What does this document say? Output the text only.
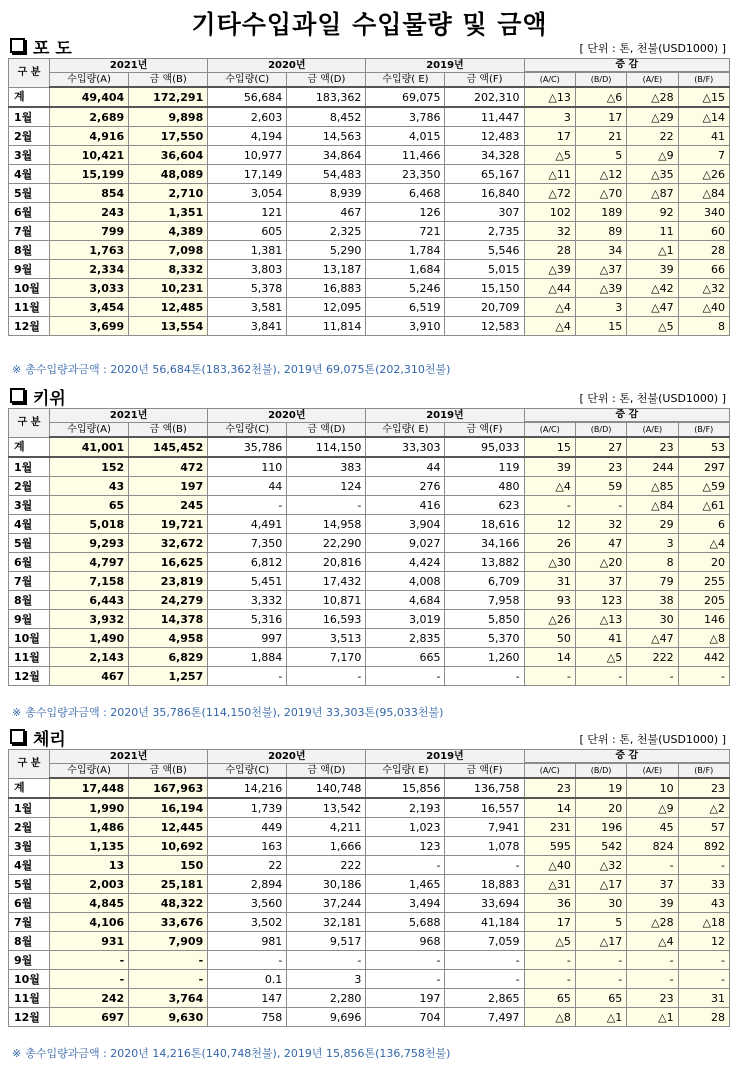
기타수입과일 수입물량 및 금액
포 도	[ 단위 : 톤, 천불(USD1000) ]
구 분	2021년		2020년		2019년		증 감			

	수입량(A)	금 액(B)	수입량(C)	금 액(D)	수입량( E)	금 액(F)	(A/C)	(B/D)	(A/E)	(B/F)
계	49,404	172,291	56,684	183,362	69,075	202,310	△13	△6	△28	△15
1월	2,689	9,898	2,603	8,452	3,786	11,447	3	17	△29	△14
2월	4,916	17,550	4,194	14,563	4,015	12,483	17	21	22	41
3월	10,421	36,604	10,977	34,864	11,466	34,328	△5	5	△9	7
4월	15,199	48,089	17,149	54,483	23,350	65,167	△11	△12	△35	△26
5월	854	2,710	3,054	8,939	6,468	16,840	△72	△70	△87	△84
6월	243	1,351	121	467	126	307	102	189	92	340
7월	799	4,389	605	2,325	721	2,735	32	89	11	60
8월	1,763	7,098	1,381	5,290	1,784	5,546	28	34	△1	28
9월	2,334	8,332	3,803	13,187	1,684	5,015	△39	△37	39	66
10월	3,033	10,231	5,378	16,883	5,246	15,150	△44	△39	△42	△32
11월	3,454	12,485	3,581	12,095	6,519	20,709	△4	3	△47	△40
12월	3,699	13,554	3,841	11,814	3,910	12,583	△4	15	△5	8
※ 총수입량과금액 : 2020년 56,684톤(183,362천불), 2019년 69,075톤(202,310천불)
키위	[ 단위 : 톤, 천불(USD1000) ]
구 분	2021년		2020년		2019년		증 감			

	수입량(A)	금 액(B)	수입량(C)	금 액(D)	수입량( E)	금 액(F)	(A/C)	(B/D)	(A/E)	(B/F)
계	41,001	145,452	35,786	114,150	33,303	95,033	15	27	23	53
1월	152	472	110	383	44	119	39	23	244	297
2월	43	197	44	124	276	480	△4	59	△85	△59
3월	65	245	-	-	416	623	-	-	△84	△61
4월	5,018	19,721	4,491	14,958	3,904	18,616	12	32	29	6
5월	9,293	32,672	7,350	22,290	9,027	34,166	26	47	3	△4
6월	4,797	16,625	6,812	20,816	4,424	13,882	△30	△20	8	20
7월	7,158	23,819	5,451	17,432	4,008	6,709	31	37	79	255
8월	6,443	24,279	3,332	10,871	4,684	7,958	93	123	38	205
9월	3,932	14,378	5,316	16,593	3,019	5,850	△26	△13	30	146
10월	1,490	4,958	997	3,513	2,835	5,370	50	41	△47	△8
11월	2,143	6,829	1,884	7,170	665	1,260	14	△5	222	442
12월	467	1,257	-	-	-	-	-	-	-	-
※ 총수입량과금액 : 2020년 35,786톤(114,150천불), 2019년 33,303톤(95,033천불)
체리	[ 단위 : 톤, 천불(USD1000) ]
구 분	2021년		2020년		2019년		증 감			

	수입량(A)	금 액(B)	수입량(C)	금 액(D)	수입량( E)	금 액(F)	(A/C)	(B/D)	(A/E)	(B/F)
계	17,448	167,963	14,216	140,748	15,856	136,758	23	19	10	23
1월	1,990	16,194	1,739	13,542	2,193	16,557	14	20	△9	△2
2월	1,486	12,445	449	4,211	1,023	7,941	231	196	45	57
3월	1,135	10,692	163	1,666	123	1,078	595	542	824	892
4월	13	150	22	222	-	-	△40	△32	-	-
5월	2,003	25,181	2,894	30,186	1,465	18,883	△31	△17	37	33
6월	4,845	48,322	3,560	37,244	3,494	33,694	36	30	39	43
7월	4,106	33,676	3,502	32,181	5,688	41,184	17	5	△28	△18
8월	931	7,909	981	9,517	968	7,059	△5	△17	△4	12
9월	-	-	-	-	-	-	-	-	-	-
10월	-	-	0.1	3	-	-	-	-	-	-
11월	242	3,764	147	2,280	197	2,865	65	65	23	31
12월	697	9,630	758	9,696	704	7,497	△8	△1	△1	28
※ 총수입량과금액 : 2020년 14,216톤(140,748천불), 2019년 15,856톤(136,758천불)
